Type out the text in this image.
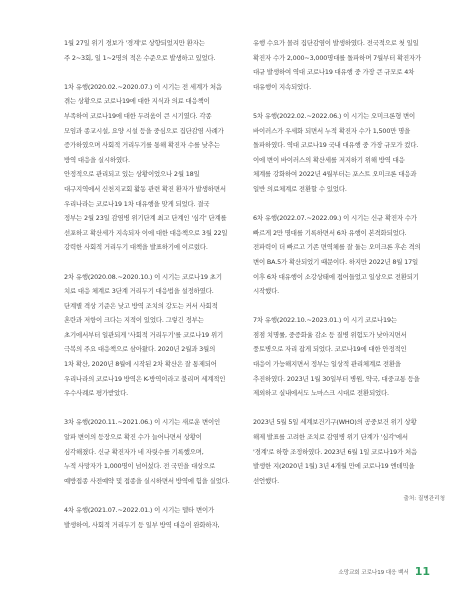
1월 27일 위기 경보가 '경계'로 상향되었지만 환자는
주 2~3회, 일 1~2명의 적은 수준으로 발생하고 있었다.

1차 유행(2020.02.~2020.07.) 이 시기는 전 세계가 처음
겪는 상황으로 코로나19에 대한 지식과 의료 대응책이
부족하여 코로나19에 대한 두려움이 큰 시기였다. 각종
모임과 종교시설, 요양 시설 등을 중심으로 집단감염 사례가
증가하였으며 사회적 거리두기를 통해 확진자 수를 낮추는
방역 대응을 실시하였다.
안정적으로 관리되고 있는 상황이었으나 2월 18일
대구지역에서 신천지교회 활동 관련 확진 환자가 발생하면서
우리나라는 코로나19 1차 대유행을 맞게 되었다. 결국
정부는 2월 23일 감염병 위기단계 최고 단계인 '심각' 단계를
선포하고 확산세가 지속되자 이에 대한 대응책으로 3월 22일
강력한 사회적 거리두기 대책을 발표하기에 이르렀다.

2차 유행(2020.08.~2020.10.) 이 시기는 코로나19 초기
치료 대응 체계로 3단계 거리두기 대응법을 설정하였다.
단계별 격상 기준은 낮고 방역 조치의 강도는 커서 사회적
혼란과 저항이 크다는 지적이 있었다. 그렇긴 정부는
초기에서부터 일관되게 '사회적 거리두기'를 코로나19 위기
극복의 주요 대응책으로 삼아왔다. 2020년 2월과 3월의
1차 확산, 2020년 8월에 시작된 2차 확산은 잘 통제되어
우리나라의 코로나19 방역은 K-방역이라고 불리며 세계적인
우수사례로 평가받았다.

3차 유행(2020.11.~2021.06.) 이 시기는 새로운 변이인
알파 변이의 등장으로 확진 수가 늘어나면서 상황이
심각해졌다. 신규 확진자가 네 자릿수를 기록했으며,
누적 사망자가 1,000명이 넘어섰다. 전 국민을 대상으로
예방접종 사전예약 및 접종을 실시하면서 방역에 힘을 실었다.

4차 유행(2021.07.~2022.01.) 이 시기는 델타 변이가
발생하여, 사회적 거리두기 등 일부 방역 대응이 완화하자,

유행 수요가 몰려 집단감염이 발생하였다. 전국적으로 첫 일일
확진자 수가 2,000~3,000명대를 돌파하며 7월부터 확진자가
대규 발생하여 역대 코로나19 대유행 중 가장 큰 규모로 4차
대유행이 지속되었다.

5차 유행(2022.02.~2022.06.) 이 시기는 오미크론형 변이
바이러스가 우세화 되면서 누적 확진자 수가 1,500만 명을
돌파하였다. 역대 코로나19 국내 대유행 중 가장 규모가 컸다.
이에 변이 바이러스의 확산세를 저지하기 위해 방역 대응
체계를 강화하여 2022년 4월부터는 포스트 오미크론 대응과
일반 의료체계로 전환할 수 있었다.

6차 유행(2022.07.~2022.09.) 이 시기는 신규 확진자 수가
빠르게 2만 명대를 기록하면서 6차 유행이 본격화되었다.
전파력이 더 빠르고 기존 면역체를 잘 둘는 오미크론 후손 격의
변이 BA.5가 확산되었기 때문이다. 하지만 2022년 8월 17일
이후 6차 대유행이 소강상태에 접어들었고 일상으로 전환되기
시작했다.

7차 유행(2022.10.~2023.01.) 이 시기 코로나19는
점점 치명률, 중증화율 감소 등 질병 위험도가 낮아지면서
풍토병으로 자리 잡게 되었다. 코로나19에 대한 안정적인
대응이 가능해지면서 정부는 일상적 관리체계로 전환을
추진하였다. 2023년 1월 30일부터 병원, 약국, 대중교통 등을
제외하고 실내에서도 노마스크 시대로 전환되었다.

2023년 5월 5일 세계보건기구(WHO)의 공중보건 위기 상황
해제 발표를 고려한 조치로 감염병 위기 단계가 '심각'에서
'경계'로 하향 조정하였다. 2023년 6월 1일 코로나19가 처음
발생한 지(2020년 1월) 3년 4개월 만에 코로나19 엔데믹을
선언했다.

출처: 질병관리청
소망교회 코로나19 대응 백서 11
